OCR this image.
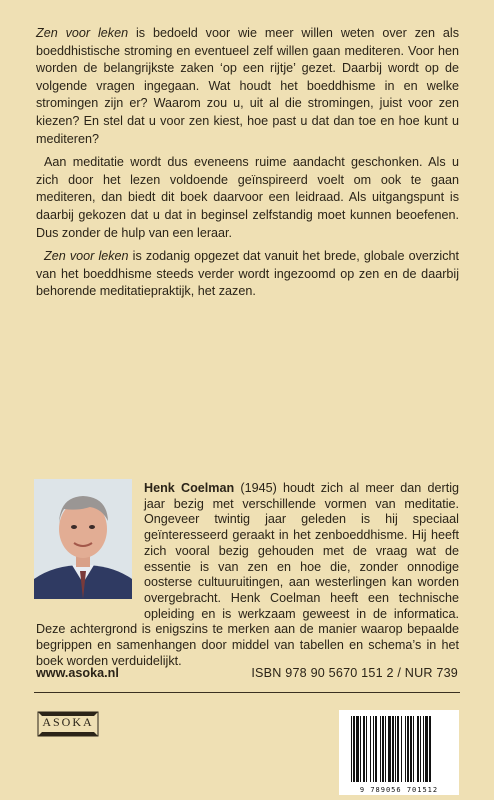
Zen voor leken is bedoeld voor wie meer willen weten over zen als boeddhistische stroming en eventueel zelf willen gaan mediteren. Voor hen worden de belangrijkste zaken ‘op een rijtje’ gezet. Daarbij wordt op de volgende vragen ingegaan. Wat houdt het boeddhisme in en welke stromingen zijn er? Waarom zou u, uit al die stromingen, juist voor zen kiezen? En stel dat u voor zen kiest, hoe past u dat dan toe en hoe kunt u mediteren?

Aan meditatie wordt dus eveneens ruime aandacht geschonken. Als u zich door het lezen voldoende geïnspireerd voelt om ook te gaan mediteren, dan biedt dit boek daarvoor een leidraad. Als uitgangspunt is daarbij gekozen dat u dat in beginsel zelfstandig moet kunnen beoefenen. Dus zonder de hulp van een leraar.

Zen voor leken is zodanig opgezet dat vanuit het brede, globale overzicht van het boeddhisme steeds verder wordt ingezoomd op zen en de daarbij behorende meditatiepraktijk, het zazen.

Henk Coelman (1945) houdt zich al meer dan dertig jaar bezig met verschillende vormen van meditatie. Ongeveer twintig jaar geleden is hij speciaal geïnteresseerd geraakt in het zenboeddhisme. Hij heeft zich vooral bezig gehouden met de vraag wat de essentie is van zen en hoe die, zonder onnodige oosterse cultuuruitingen, aan westerlingen kan worden overgebracht. Henk Coelman heeft een technische opleiding en is werkzaam geweest in de informatica. Deze achtergrond is enigszins te merken aan de manier waarop bepaalde begrippen en samenhangen door middel van tabellen en schema’s in het boek worden verduidelijkt.
www.asoka.nl	ISBN 978 90 5670 151 2 / NUR 739
ASOKA
9 789056 701512
